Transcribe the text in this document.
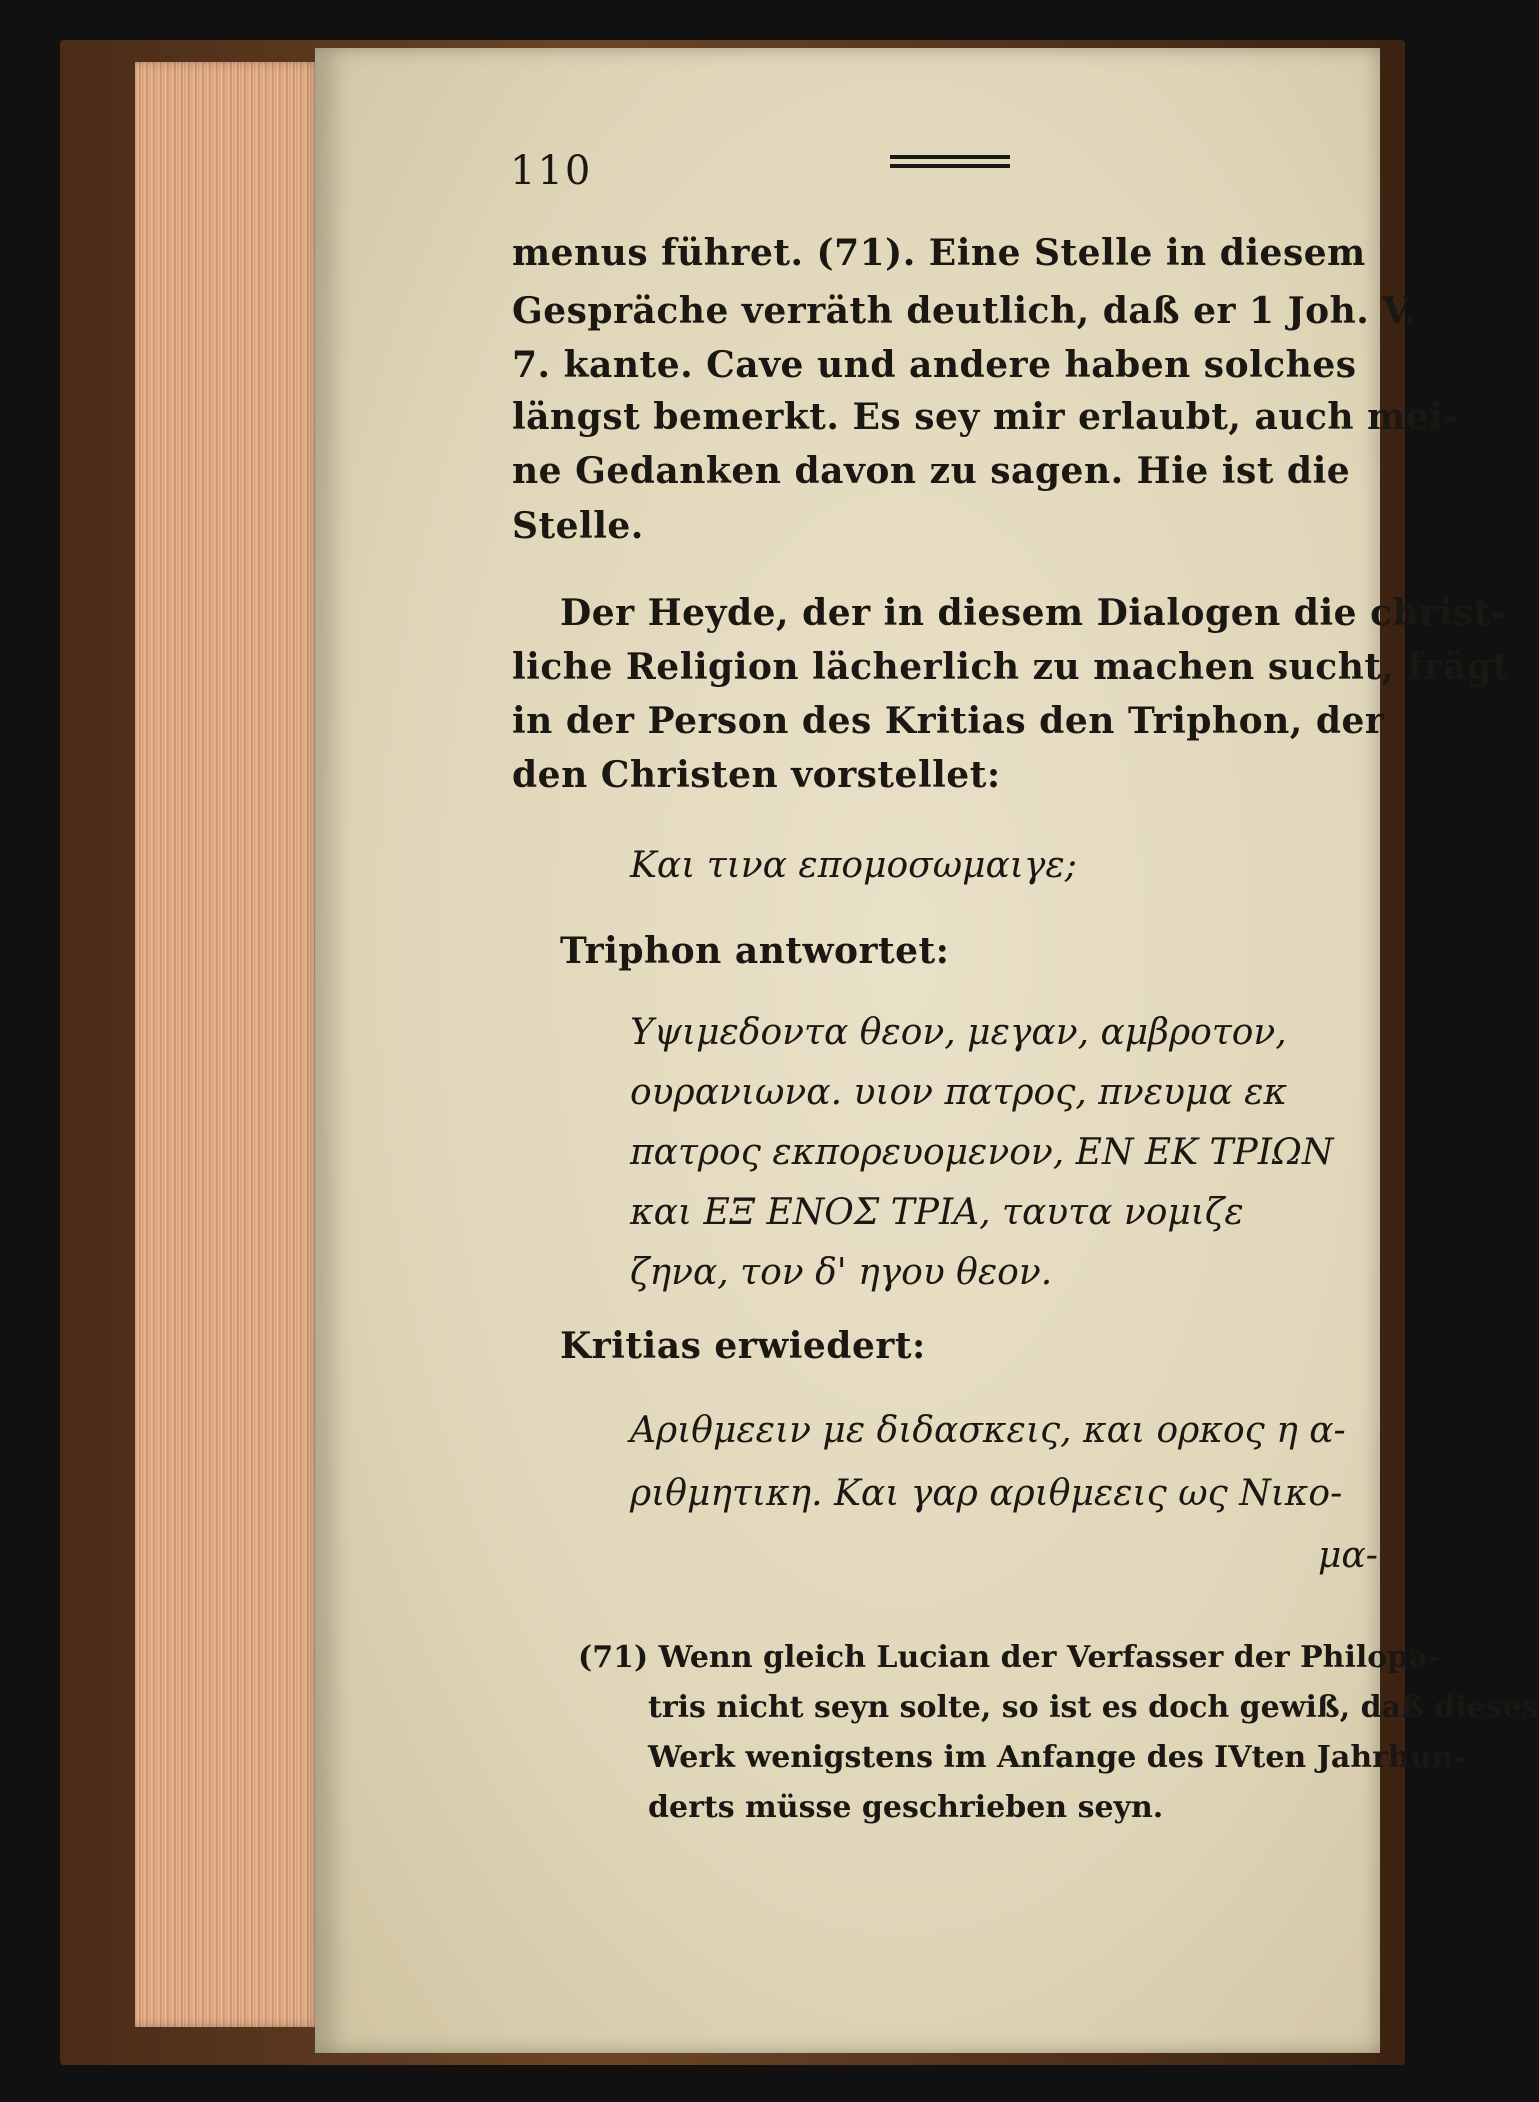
110
menus führet. (71). Eine Stelle in diesem
Gespräche verräth deutlich, daß er 1 Joh. V.
7. kante. Cave und andere haben solches
längst bemerkt. Es sey mir erlaubt, auch mei-
ne Gedanken davon zu sagen. Hie ist die
Stelle.
Der Heyde, der in diesem Dialogen die christ-
liche Religion lächerlich zu machen sucht, frägt
in der Person des Kritias den Triphon, der
den Christen vorstellet:
Και τινα επομοσωμαιγε;
Triphon antwortet:
Υψιμεδοντα θεον, μεγαν, αμβροτον,
ουρανιωνα. υιον πατρος, πνευμα εκ
πατρος εκπορευομενον, ΕΝ ΕΚ ΤΡΙΩΝ
και ΕΞ ΕΝΟΣ ΤΡΙΑ, ταυτα νομιζε
ζηνα, τον δ' ηγου θεον.
Kritias erwiedert:
Αριθμεειν με διδασκεις, και ορκος η α-
ριθμητικη. Και γαρ αριθμεεις ως Νικο-
μα-
(71) Wenn gleich Lucian der Verfasser der Philopa-
tris nicht seyn solte, so ist es doch gewiß, daß dieses
Werk wenigstens im Anfange des IVten Jahrhun-
derts müsse geschrieben seyn.
